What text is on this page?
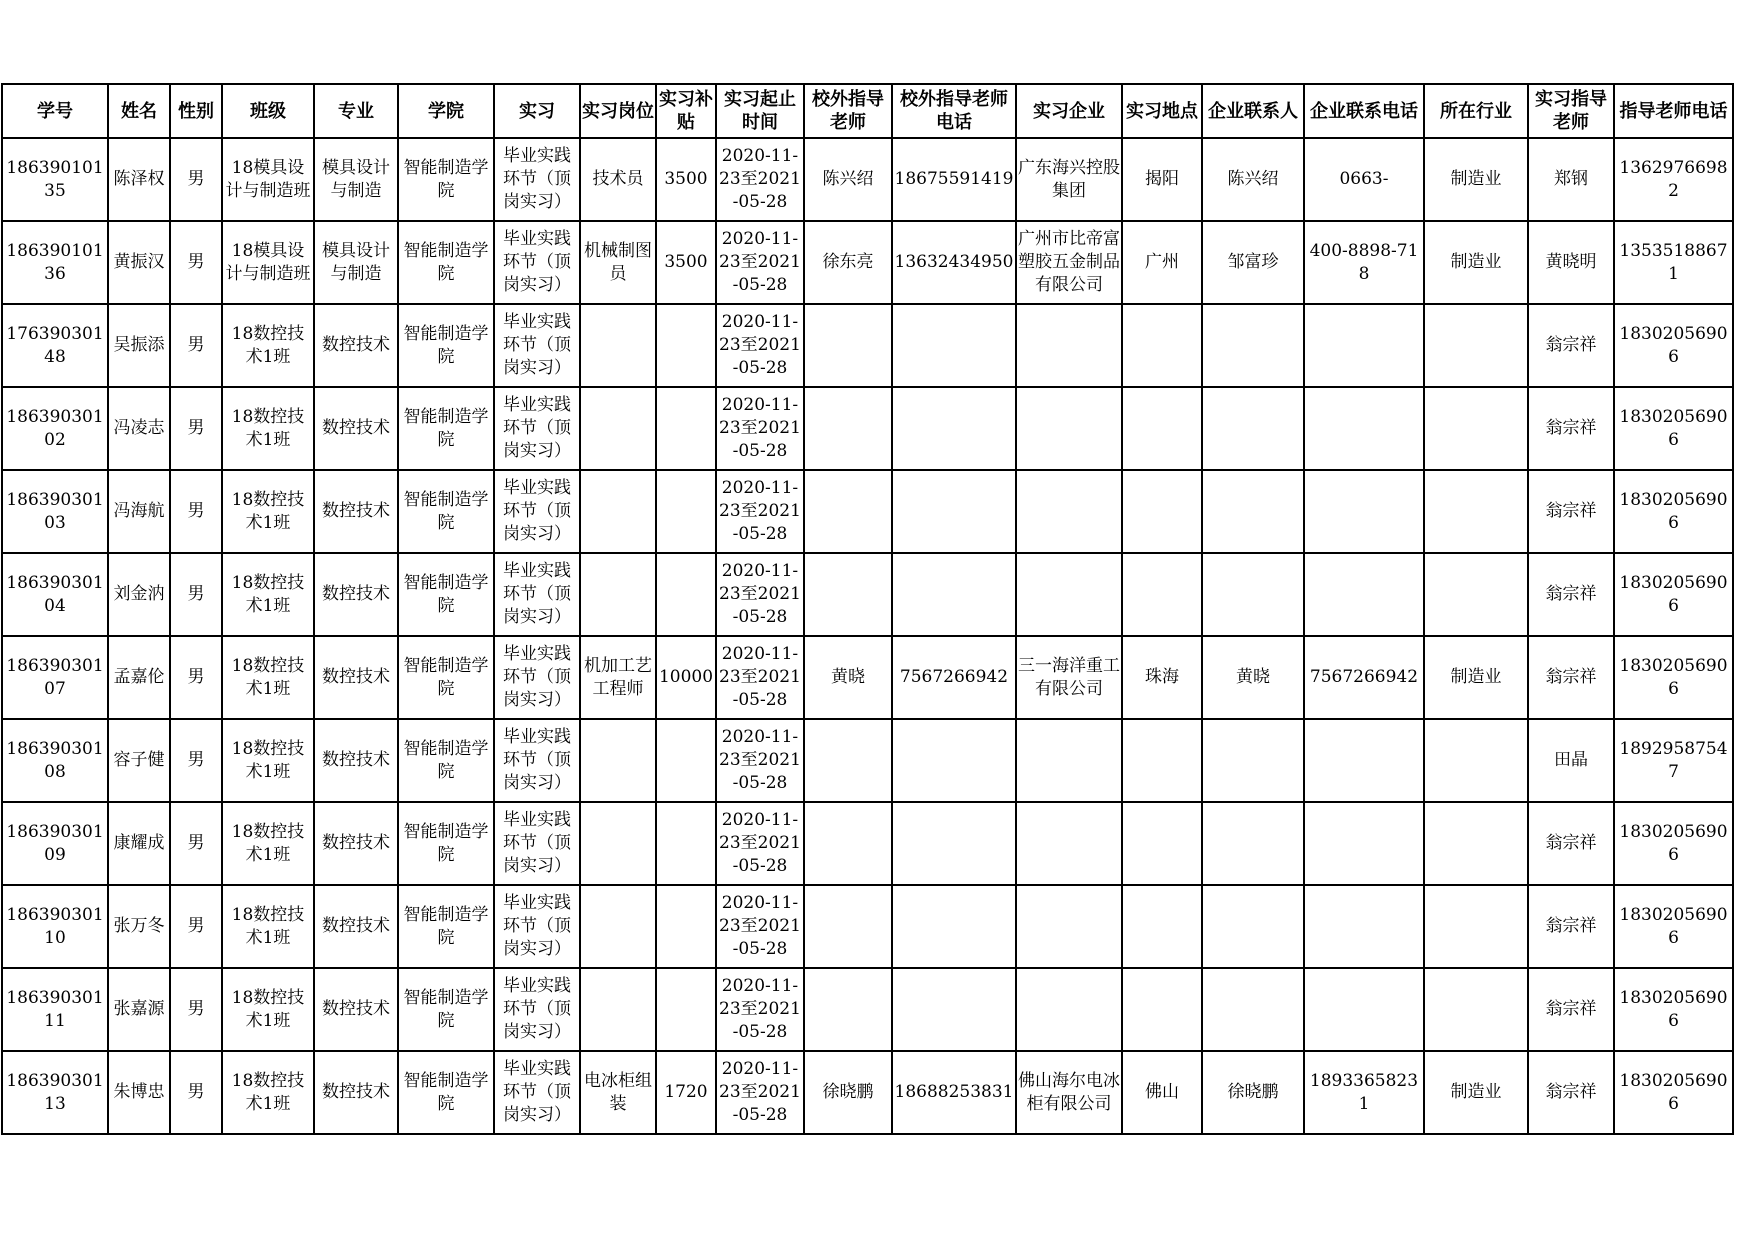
学号	姓名	性别	班级	专业	学院	实习	实习岗位	实习补贴	实习起止时间	校外指导老师	校外指导老师电话	实习企业	实习地点	企业联系人	企业联系电话	所在行业	实习指导老师	指导老师电话

18639010135	陈泽权	男	18模具设计与制造班	模具设计与制造	智能制造学院	毕业实践环节（顶岗实习）	技术员	3500	2020-11-23至2021-05-28	陈兴绍	18675591419	广东海兴控股集团	揭阳	陈兴绍	0663-	制造业	郑钢	13629766982

18639010136	黄振汉	男	18模具设计与制造班	模具设计与制造	智能制造学院	毕业实践环节（顶岗实习）	机械制图员	3500	2020-11-23至2021-05-28	徐东亮	13632434950	广州市比帝富塑胶五金制品有限公司	广州	邹富珍	400-8898-718	制造业	黄晓明	13535188671

17639030148	吴振添	男	18数控技术1班	数控技术	智能制造学院	毕业实践环节（顶岗实习）			2020-11-23至2021-05-28								翁宗祥	18302056906

18639030102	冯凌志	男	18数控技术1班	数控技术	智能制造学院	毕业实践环节（顶岗实习）			2020-11-23至2021-05-28								翁宗祥	18302056906

18639030103	冯海航	男	18数控技术1班	数控技术	智能制造学院	毕业实践环节（顶岗实习）			2020-11-23至2021-05-28								翁宗祥	18302056906

18639030104	刘金汭	男	18数控技术1班	数控技术	智能制造学院	毕业实践环节（顶岗实习）			2020-11-23至2021-05-28								翁宗祥	18302056906

18639030107	孟嘉伦	男	18数控技术1班	数控技术	智能制造学院	毕业实践环节（顶岗实习）	机加工艺工程师	10000	2020-11-23至2021-05-28	黄晓	7567266942	三一海洋重工有限公司	珠海	黄晓	7567266942	制造业	翁宗祥	18302056906

18639030108	容子健	男	18数控技术1班	数控技术	智能制造学院	毕业实践环节（顶岗实习）			2020-11-23至2021-05-28								田晶	18929587547

18639030109	康耀成	男	18数控技术1班	数控技术	智能制造学院	毕业实践环节（顶岗实习）			2020-11-23至2021-05-28								翁宗祥	18302056906

18639030110	张万冬	男	18数控技术1班	数控技术	智能制造学院	毕业实践环节（顶岗实习）			2020-11-23至2021-05-28								翁宗祥	18302056906

18639030111	张嘉源	男	18数控技术1班	数控技术	智能制造学院	毕业实践环节（顶岗实习）			2020-11-23至2021-05-28								翁宗祥	18302056906

18639030113	朱博忠	男	18数控技术1班	数控技术	智能制造学院	毕业实践环节（顶岗实习）	电冰柜组装	1720	2020-11-23至2021-05-28	徐晓鹏	18688253831	佛山海尔电冰柜有限公司	佛山	徐晓鹏	18933658231	制造业	翁宗祥	18302056906
